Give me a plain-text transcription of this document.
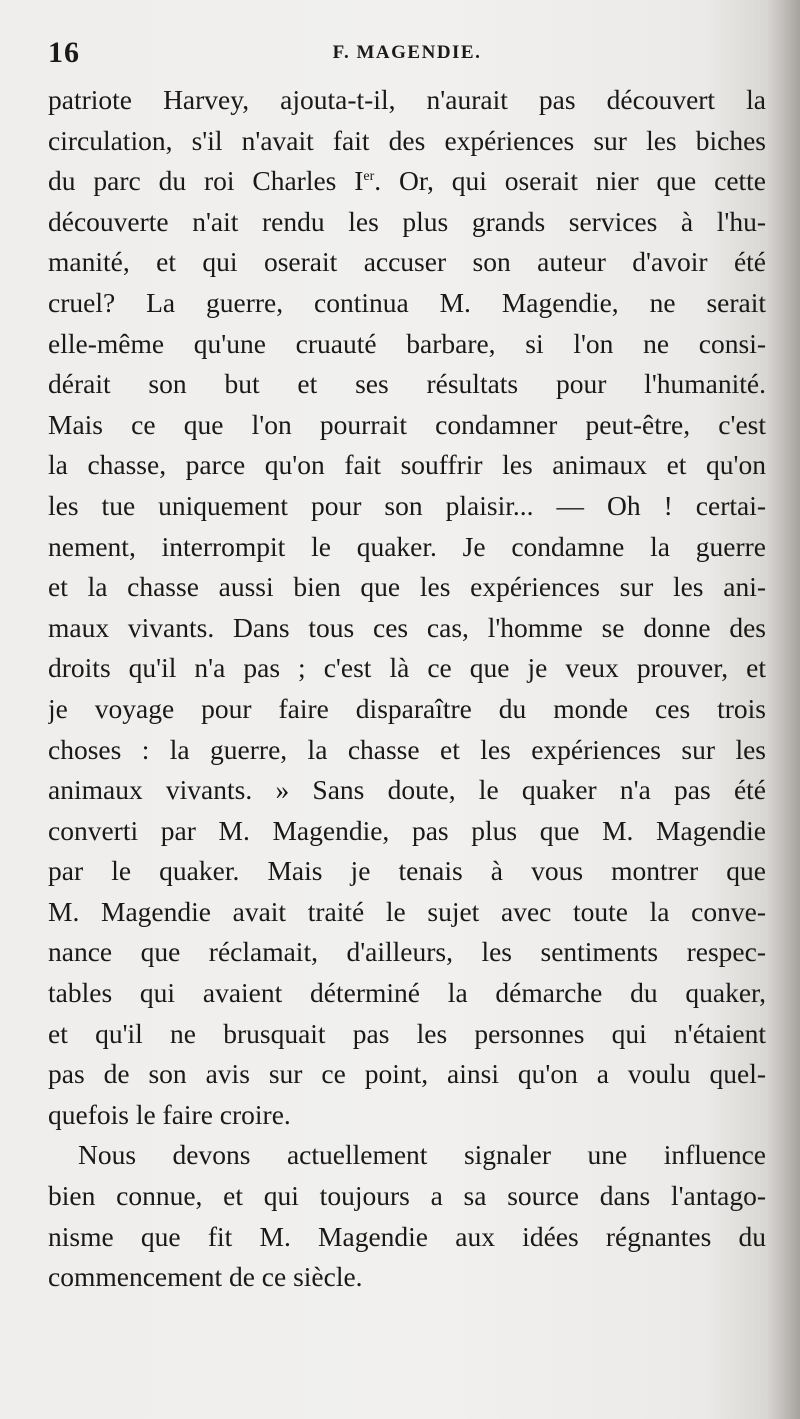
16	F. MAGENDIE.
patriote Harvey, ajouta-t-il, n'aurait pas découvert la
circulation, s'il n'avait fait des expériences sur les biches
du parc du roi Charles Ier. Or, qui oserait nier que cette
découverte n'ait rendu les plus grands services à l'hu-
manité, et qui oserait accuser son auteur d'avoir été
cruel? La guerre, continua M. Magendie, ne serait
elle-même qu'une cruauté barbare, si l'on ne consi-
dérait son but et ses résultats pour l'humanité.
Mais ce que l'on pourrait condamner peut-être, c'est
la chasse, parce qu'on fait souffrir les animaux et qu'on
les tue uniquement pour son plaisir... — Oh ! certai-
nement, interrompit le quaker. Je condamne la guerre
et la chasse aussi bien que les expériences sur les ani-
maux vivants. Dans tous ces cas, l'homme se donne des
droits qu'il n'a pas ; c'est là ce que je veux prouver, et
je voyage pour faire disparaître du monde ces trois
choses : la guerre, la chasse et les expériences sur les
animaux vivants. » Sans doute, le quaker n'a pas été
converti par M. Magendie, pas plus que M. Magendie
par le quaker. Mais je tenais à vous montrer que
M. Magendie avait traité le sujet avec toute la conve-
nance que réclamait, d'ailleurs, les sentiments respec-
tables qui avaient déterminé la démarche du quaker,
et qu'il ne brusquait pas les personnes qui n'étaient
pas de son avis sur ce point, ainsi qu'on a voulu quel-
quefois le faire croire.
Nous devons actuellement signaler une influence
bien connue, et qui toujours a sa source dans l'antago-
nisme que fit M. Magendie aux idées régnantes du
commencement de ce siècle.
